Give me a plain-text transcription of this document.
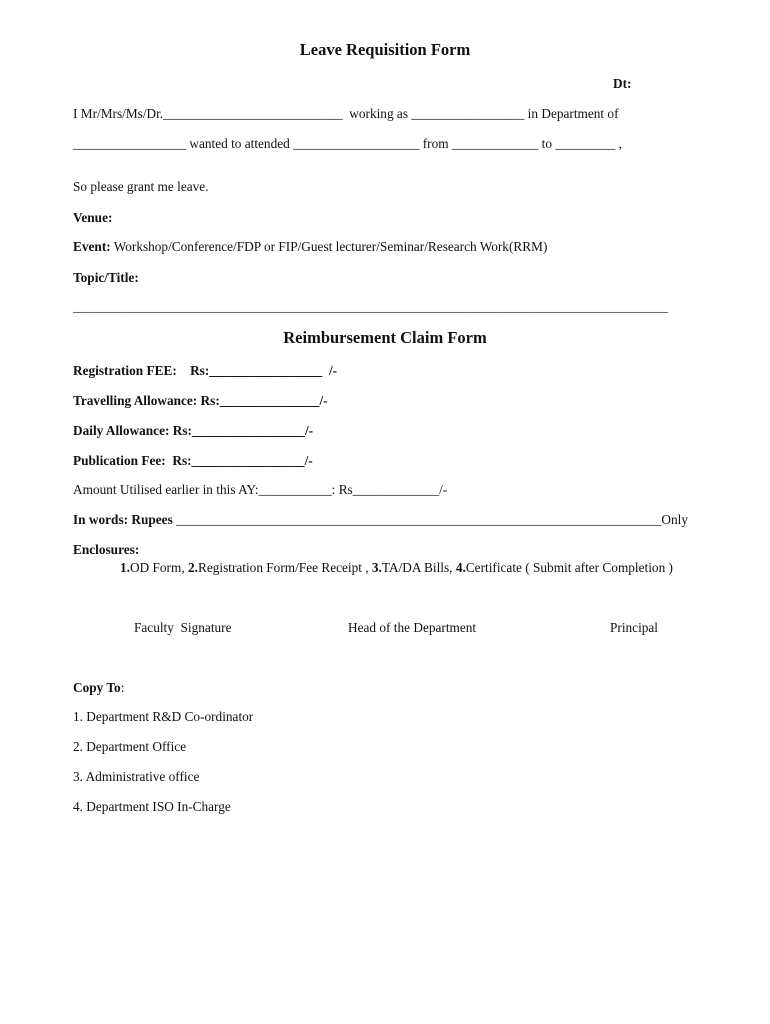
Leave Requisition Form
Dt:
I Mr/Mrs/Ms/Dr.___________________________  working as _________________ in Department of
_________________ wanted to attended ___________________ from _____________ to _________ ,
So please grant me leave.
Venue:
Event: Workshop/Conference/FDP or FIP/Guest lecturer/Seminar/Research Work(RRM)
Topic/Title:
_____________________________________________________________________________________________
Reimbursement Claim Form
Registration FEE:    Rs:_________________  /-
Travelling Allowance: Rs:_______________/-
Daily Allowance: Rs:_________________/-
Publication Fee:  Rs:_________________/-
Amount Utilised earlier in this AY:___________: Rs_____________/-
In words: Rupees _________________________________________________________________________Only
Enclosures:
1.OD Form, 2.Registration Form/Fee Receipt , 3.TA/DA Bills, 4.Certificate ( Submit after Completion )
Faculty  Signature	Head of the Department	Principal
Copy To:
1. Department R&D Co-ordinator
2. Department Office
3. Administrative office
4. Department ISO In-Charge
